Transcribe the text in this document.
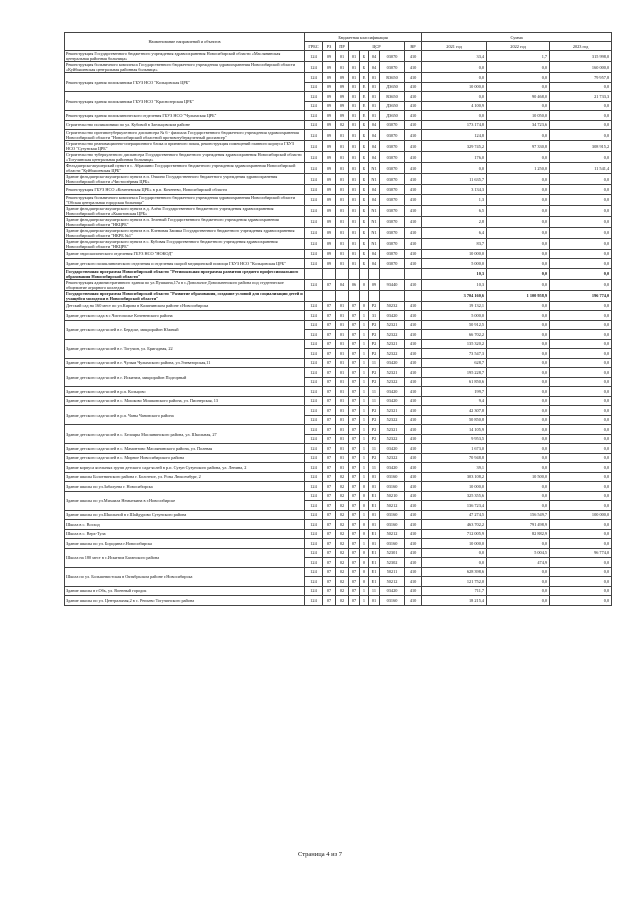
Наименование направлений и объектов	Бюджетная классификация								Сумма		
	ГРБС	РЗ	ПР	ЦСР				ВР	2021 год	2022 год	2023 год
Реконструкция Государственного бюджетного учреждения здравоохранения Новосибирской области «Маслянинская центральная районная больница»	124	09	01	01	Б	04	03070	410	33,4	1,7	315 998,0
Реконструкция больничного комплекса Государственного бюджетного учреждения здравоохранения Новосибирской области «Куйбышевская центральная районная больница»	124	09	01	01	Б	04	03070	410	0,0	0,0	160 000,0
Реконструкция здания поликлиники ГБУЗ НСО "Кольцовская ЦРБ"	124	09	09	01	Е	01	R3650	410	0,0	0,0	79 957,8
	124	09	09	01	Е	01	Д3650	410	10 000,0	0,0	0,0
Реконструкция здания поликлиники ГБУЗ НСО "Краснозерская ЦРБ"	124	09	09	01	Е	01	R3650	410	0,0	90 468,0	21 733,3
	124	09	09	01	Е	01	Д3650	410	4 100,9	0,0	0,0
Реконструкция здания поликлинического отделения ГБУЗ НСО "Чулымская ЦРБ"	124	09	09	01	Е	01	Д3650	410	0,0	10 050,0	0,0
Строительство поликлиники по ул. Кубовой в Заельцовском районе	124	09	02	01	Б	04	03070	410	173 174,8	34 723,6	0,0
Строительство противотуберкулезного диспансера № 6 - филиала Государственного бюджетного учреждения здравоохранения Новосибирской области "Новосибирский областной противотуберкулезный диспансер"	124	09	01	01	Б	04	03070	410	124,8	0,0	0,0
Строительство реанимационно-операционного блока и приемного покоя, реконструкция помещений главного корпуса ГБУЗ НСО "Сузунская ЦРБ"	124	09	01	01	Б	04	03070	410	329 745,2	97 330,8	308 915,2
Строительство туберкулезного диспансера Государственного бюджетного учреждения здравоохранения Новосибирской области «Тогучинская центральная районная больница»	124	09	01	01	Б	04	03070	410	176,0	0,0	0,0
Фельдшерско-акушерский пункт в с. Абрашино Государственного бюджетного учреждения здравоохранения Новосибирской области "Куйбышевская ЦРБ"	124	09	01	01	Б	N1	03070	410	0,0	1 250,0	11 541,4
Здание фельдшерско-акушерского пункта в п. Очкино Государственного бюджетного учреждения здравоохранения Новосибирской области «Чистоозёрная ЦРБ»	124	09	01	01	Б	N1	03070	410	11 635,7	0,0	0,0
Реконструкция ГБУЗ НСО «Коченевская ЦРБ» в р.п. Коченево, Новосибирской области	124	09	01	01	Б	04	03070	410	3 134,3	0,0	0,0
Реконструкция больничного комплекса Государственного бюджетного учреждения здравоохранения Новосибирской области "Обская центральная городская больница"	124	09	01	01	Б	04	03070	410	1,3	0,0	0,0
Здание фельдшерско-акушерского пункта в д. Алёш Государственного бюджетного учреждения здравоохранения Новосибирской области «Кыштовская ЦРБ»	124	09	01	01	Б	N1	03070	410	6,5	0,0	0,0
Здание фельдшерско-акушерского пункта в п. Зеленый Государственного бюджетного учреждения здравоохранения Новосибирской области "НКЦРБ"	124	09	01	01	Б	N1	03070	410	2,8	0,0	0,0
Здание фельдшерско-акушерского пункта в п. Кленовая Заимка Государственного бюджетного учреждения здравоохранения Новосибирской области "НКРБ №1"	124	09	01	01	Б	N1	03070	410	6,4	0,0	0,0
Здание фельдшерско-акушерского пункта в с. Кубовая Государственного бюджетного учреждения здравоохранения Новосибирской области "НКЦРБ"	124	09	01	01	Б	N1	03070	410	83,7	0,0	0,0
Здание эндоскопического отделения ГБУЗ НСО "НОКОД"	124	09	01	01	Б	04	03070	410	10 000,0	0,0	0,0
Здание детского поликлинического отделения и отделения скорой медицинской помощи ГБУЗ НСО "Кольцовская ЦРБ"	124	09	01	01	Б	04	03070	410	5 000,0	0,0	0,0
Государственная программа Новосибирской области "Региональная программа развития среднего профессионального образования Новосибирской области"									10,3	0,0	0,0
Реконструкция административного здания по ул.Пушкина,17а в с.Довольное Довольненского района под студенческое общежитие аграрного колледжа	124	07	04	06	0	09	93440	410	10,3	0,0	0,0
Государственная программа Новосибирской области "Развитие образования, создание условий для социализации детей и учащейся молодежи в Новосибирской области"									3 704 160,6	1 100 958,9	196 774,0
Детский сад на 160 мест по ул.Кирова в Калининском районе г.Новосибирска	124	07	01	07	0	P2	50232	410	19 132,1	0,0	0,0
Здание детского сада в с.Чистополье Коченевского района	124	07	01	07	1	31	03420	410	5 000,0	0,0	0,0
Здание детского сада-яслей в г. Бердске, микрорайон Южный	124	07	01	07	1	P2	52321	410	50 912,5	0,0	0,0
	124	07	01	07	1	P2	52322	410	66 702,2	0,0	0,0
Здание детского сада-яслей в г. Тогучин, ул. Бригадная, 22	124	07	01	07	1	P2	52321	410	135 320,2	0,0	0,0
	124	07	01	07	1	P2	52322	410	73 547,3	0,0	0,0
Здание детского сада-яслей в г. Чулым Чулымского района, ул.Элеваторская,11	124	07	01	07	1	11	03420	410	628,7	0,0	0,0
Здание детского сада-яслей в г. Искитим, микрорайон Подгорный	124	07	01	07	1	P2	52321	410	195 228,7	0,0	0,0
	124	07	01	07	1	P2	52322	410	61 850,6	0,0	0,0
Здание детского сада-яслей в р.п. Кольцово	124	07	01	07	1	11	03420	410	199,7	0,0	0,0
Здание детского сада-яслей в с. Мошково Мошковского района, ул. Пионерская, 13	124	07	01	07	1	11	03420	410	9,4	0,0	0,0
Здание детского сада-яслей в р.п. Чаны Чановского района	124	07	01	07	1	P2	52321	410	42 307,8	0,0	0,0
	124	07	01	07	1	P2	52322	410	50 850,8	0,0	0,0
Здание детского сада-яслей в с. Белояры Маслянинского района, ул. Школьная, 27	124	07	01	07	1	P2	52321	410	14 105,9	0,0	0,0
	124	07	01	07	1	P2	52322	410	9 953,5	0,0	0,0
Здание детского сада-яслей в с. Мамонтово Маслянинского района, ул. Полевая	124	07	01	07	1	11	03420	410	1 673,0	0,0	0,0
Здание детского сада-яслей в с. Мирное Новосибирского района	124	07	01	07	1	P2	52322	410	70 948,8	0,0	0,0
Здание корпуса ясельных групп детского сада-яслей в р.п. Сузун Сузунского района, ул. Ленина, 2	124	07	01	07	1	11	03420	410	39,1	0,0	0,0
Здание школы Болотнинского района г. Болотное, ул. Розы Люксембург, 2	124	07	02	07	1	01	03160	410	303 108,2	10 500,0	0,0
Здание школы по ул.Забалуева г. Новосибирска	124	07	02	07	0	01	03160	410	10 000,0	0,0	0,0
Здание школы по ул.Михаила Немыткина в г.Новосибирске	124	07	02	07	0	Е1	50210	410	325 355,6	0,0	0,0
	124	07	02	07	0	Е1	50212	410	136 723,4	0,0	0,0
Здание школы по ул.Школьной в г.Шайдурово Сузунского района	124	07	02	07	1	01	03160	410	47 274,5	156 549,7	100 000,0
Школа в с. Восход	124	07	02	07	0	01	03160	410	463 702,2	791 498,9	0,0
Школа в с. Верх-Тула	124	07	02	07	0	Е1	50212	410	712 005,9	82 882,9	0,0
Здание школы по ул. Бородина г.Новосибирска	124	07	02	07	1	01	03160	410	10 000,0	0,0	0,0
Школа на 180 мест в с.Искитим Баганского района	124	07	02	07	0	Е1	52301	410	0,0	5 004,5	96 774,0
	124	07	02	07	0	Е1	52302	410	0,0	474,9	0,0
Школа по ул. Большевистская в Октябрьском районе г.Новосибирска	124	07	02	07	0	Е1	50211	410	628 398,6	0,0	0,0
	124	07	02	07	0	Е1	50212	410	121 752,0	0,0	0,0
Здание школы в г.Обь, ул. Военный городок	124	07	02	07	1	11	03420	410	711,7	0,0	0,0
Здание школы по ул. Центральная,2 в с. Репьево Тогучинского района	124	07	02	07	1	01	03160	410	18 215,4	0,0	0,0
Страница 4 из 7
